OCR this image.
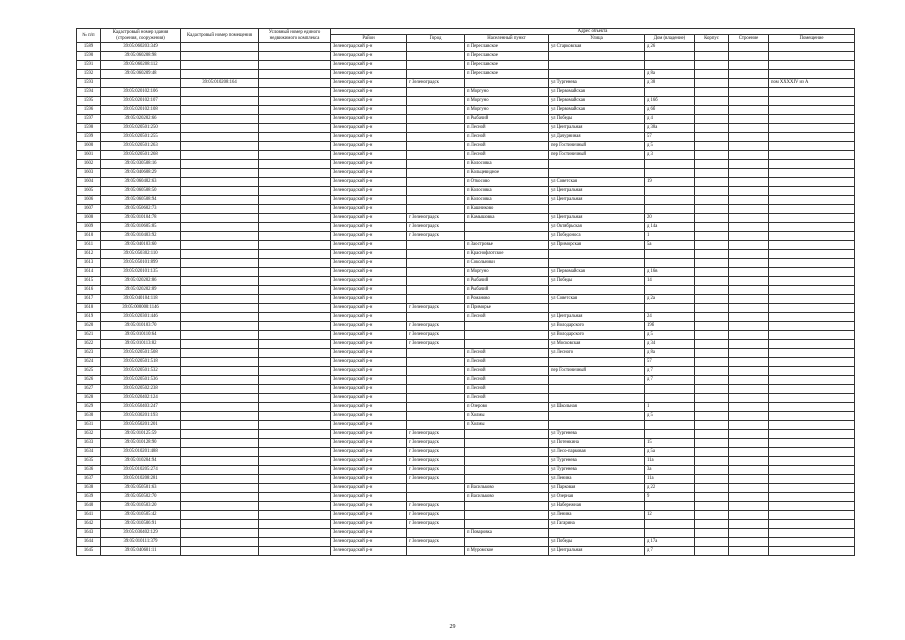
№ п/п	Кадастровый номер здания (строения, сооружения)	Кадастровый номер помещения	Условный номер единого недвижимого комплекса	Адрес объекта							
				Район	Город	Населенный пункт	Улица	Дом (владение)	Корпус	Строение	Помещение
1589	39:05:060203:349			Зеленоградский р-н		п Переславское	ул Старковская	д 26			
1590	39:05:060208:98			Зеленоградский р-н		п Переславское					
1591	39:05:060208:112			Зеленоградский р-н		п Переславское					
1592	39:05:060209:48			Зеленоградский р-н		п Переславское		д 8а			
1593		39:05:010208:164		Зеленоградский р-н	г Зеленоградск		ул Тургенева	д 38			пом XXXXIV из А
1594	39:05:020102:106			Зеленоградский р-н		п Моргуно	ул Первомайская				
1595	39:05:020102:107			Зеленоградский р-н		п Моргуно	ул Первомайская	д 16б			
1596	39:05:020102:108			Зеленоградский р-н		п Моргуно	ул Первомайская	д 6б			
1597	39:05:020202:66			Зеленоградский р-н		п Рыбачий	ул Победы	д 4			
1598	39:05:020501:250			Зеленоградский р-н		п Лесной	ул Центральная	д 38а			
1599	39:05:020501:255			Зеленоградский р-н		п Лесной	ул Дачурниная	57			
1600	39:05:020501:263			Зеленоградский р-н		п Лесной	пер Гостиничный	д 5			
1601	39:05:020501:268			Зеленоградский р-н		п Лесной	пер Гостиничный	д 3			
1602	39:05:030508:16			Зеленоградский р-н		п Колосовка					
1603	39:05:040608:29			Зеленоградский р-н		п Кольцевидное					
1604	39:05:060402:63			Зеленоградский р-н		п Откосово	ул Советская	19			
1605	39:05:060508:50			Зеленоградский р-н		п Колосовка	ул Центральная				
1606	39:05:060508:94			Зеленоградский р-н		п Колосовка	ул Центральная				
1607	39:05:050602:73			Зеленоградский р-н		п Кашниково					
1608	39:05:010104:78			Зеленоградский р-н	г Зеленоградск	п Камышовка	ул Центральная	20			
1609	39:05:010605:85			Зеленоградский р-н	г Зеленоградск		ул Октябрьская	д 14а			
1610	39:05:010403:92			Зеленоградский р-н	г Зеленоградск		ул Победоноса	1			
1611	39:05:040103:60			Зеленоградский р-н		п Заостровье	ул Приморская	5а			
1612	39:05:050302:110			Зеленоградский р-н		п Краснофлотское					
1613	39:05:050101:899			Зеленоградский р-н		п Сокольники					
1614	39:05:020101:135			Зеленоградский р-н		п Моргуно	ул Первомайская	д 16в			
1615	39:05:020202:86			Зеленоградский р-н		п Рыбачий	ул Победы	14			
1616	39:05:020202:89			Зеленоградский р-н		п Рыбачий					
1617	39:05:040104:118			Зеленоградский р-н		п Романово	ул Советская	д 2а			
1618	39:05:000000:1146			Зеленоградский р-н	г Зеленоградск	п Приморье					
1619	39:05:020301:446			Зеленоградский р-н		п Лесной	ул Центральная	24			
1620	39:05:010103:70			Зеленоградский р-н	г Зеленоградск		ул Володарского	19б			
1621	39:05:010110:64			Зеленоградский р-н	г Зеленоградск		ул Володарского	д 5			
1622	39:05:010113:82			Зеленоградский р-н	г Зеленоградск		ул Московская	д 34			
1623	39:05:020501:508			Зеленоградский р-н		п Лесной	ул Лесного	д 8а			
1624	39:05:020501:518			Зеленоградский р-н		п Лесной		57			
1625	39:05:020501:532			Зеленоградский р-н		п Лесной	пер Гостиничный	д 7			
1626	39:05:020501:536			Зеленоградский р-н		п Лесной		д 7			
1627	39:05:020502:238			Зеленоградский р-н		п Лесной					
1628	39:05:020402:124			Зеленоградский р-н		п Лесной					
1629	39:05:050403:247			Зеленоградский р-н		п Озерово	ул Школьная	1			
1630	39:05:030201:193			Зеленоградский р-н		п Холмы		д 5			
1631	39:05:050201:201			Зеленоградский р-н		п Холмы					
1632	39:05:010125:59			Зеленоградский р-н	г Зеленоградск		ул Тургенева				
1633	39:05:010128:90			Зеленоградский р-н	г Зеленоградск		ул Потемкина	15			
1634	39:05:010201:488			Зеленоградский р-н	г Зеленоградск		ул Лесо-парковая	д 5а			
1635	39:05:010204:94			Зеленоградский р-н	г Зеленоградск		ул Тургенева	11а			
1636	39:05:010205:274			Зеленоградский р-н	г Зеленоградск		ул Тургенева	3а			
1637	39:05:010208:281			Зеленоградский р-н	г Зеленоградск		ул Ленина	11а			
1638	39:05:050501:63			Зеленоградский р-н		п Васильково	ул Парковая	д 22			
1639	39:05:050502:70			Зеленоградский р-н		п Васильково	ул Озерная	9			
1640	39:05:010503:20			Зеленоградский р-н	г Зеленоградск		ул Набережная				
1641	39:05:010505:42			Зеленоградский р-н	г Зеленоградск		ул Ленина	12			
1642	39:05:010506:91			Зеленоградский р-н	г Зеленоградск		ул Гагарина				
1643	39:05:030402:129			Зеленоградский р-н		п Поваровка					
1644	39:05:010111:379			Зеленоградский р-н	г Зеленоградск		ул Победы	д 17а			
1645	39:05:040601:11			Зеленоградский р-н		п Муромское	ул Центральная	д 7			
29
